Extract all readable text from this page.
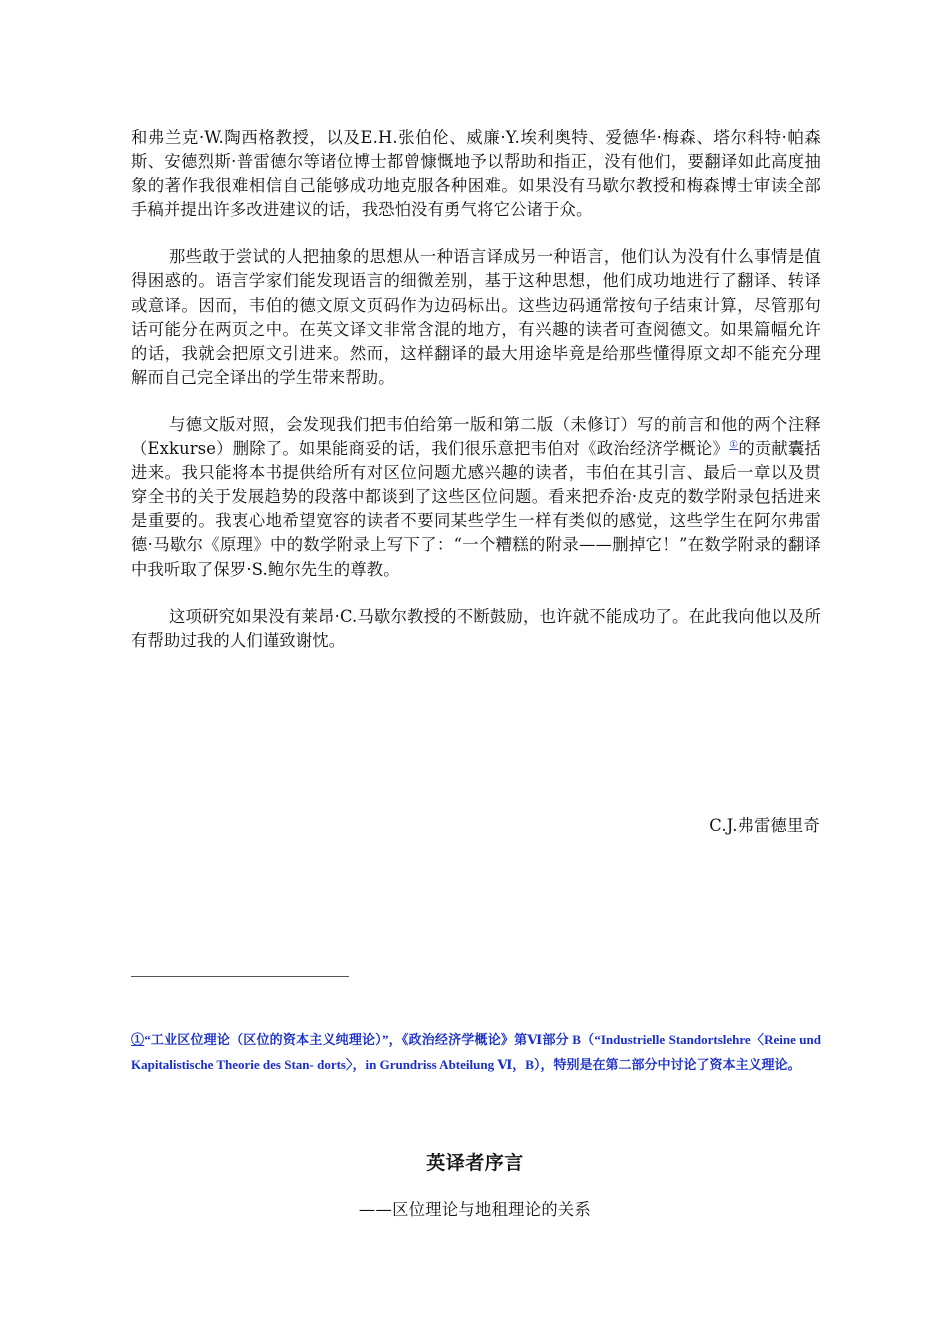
和弗兰克·W.陶西格教授，以及E.H.张伯伦、威廉·Y.埃利奥特、爱德华·梅森、塔尔科特·帕森斯、安德烈斯·普雷德尔等诸位博士都曾慷慨地予以帮助和指正，没有他们，要翻译如此高度抽象的著作我很难相信自己能够成功地克服各种困难。如果没有马歇尔教授和梅森博士审读全部手稿并提出许多改进建议的话，我恐怕没有勇气将它公诸于众。

那些敢于尝试的人把抽象的思想从一种语言译成另一种语言，他们认为没有什么事情是值得困惑的。语言学家们能发现语言的细微差别，基于这种思想，他们成功地进行了翻译、转译或意译。因而，韦伯的德文原文页码作为边码标出。这些边码通常按句子结束计算，尽管那句话可能分在两页之中。在英文译文非常含混的地方，有兴趣的读者可查阅德文。如果篇幅允许的话，我就会把原文引进来。然而，这样翻译的最大用途毕竟是给那些懂得原文却不能充分理解而自己完全译出的学生带来帮助。

与德文版对照，会发现我们把韦伯给第一版和第二版（未修订）写的前言和他的两个注释（Exkurse）删除了。如果能商妥的话，我们很乐意把韦伯对《政治经济学概论》①的贡献囊括进来。我只能将本书提供给所有对区位问题尤感兴趣的读者，韦伯在其引言、最后一章以及贯穿全书的关于发展趋势的段落中都谈到了这些区位问题。看来把乔治·皮克的数学附录包括进来是重要的。我衷心地希望宽容的读者不要同某些学生一样有类似的感觉，这些学生在阿尔弗雷德·马歇尔《原理》中的数学附录上写下了：“一个糟糕的附录——删掉它！”在数学附录的翻译中我听取了保罗·S.鲍尔先生的尊教。

这项研究如果没有莱昂·C.马歇尔教授的不断鼓励，也许就不能成功了。在此我向他以及所有帮助过我的人们谨致谢忱。

C.J.弗雷德里奇
①“工业区位理论（区位的资本主义纯理论）”，《政治经济学概论》第Ⅵ部分 B（“Industrielle Standortslehre〈Reine und Kapitalistische Theorie des Stan- dorts〉，in Grundriss Abteilung Ⅵ，B），特别是在第二部分中讨论了资本主义理论。
英译者序言
——区位理论与地租理论的关系
